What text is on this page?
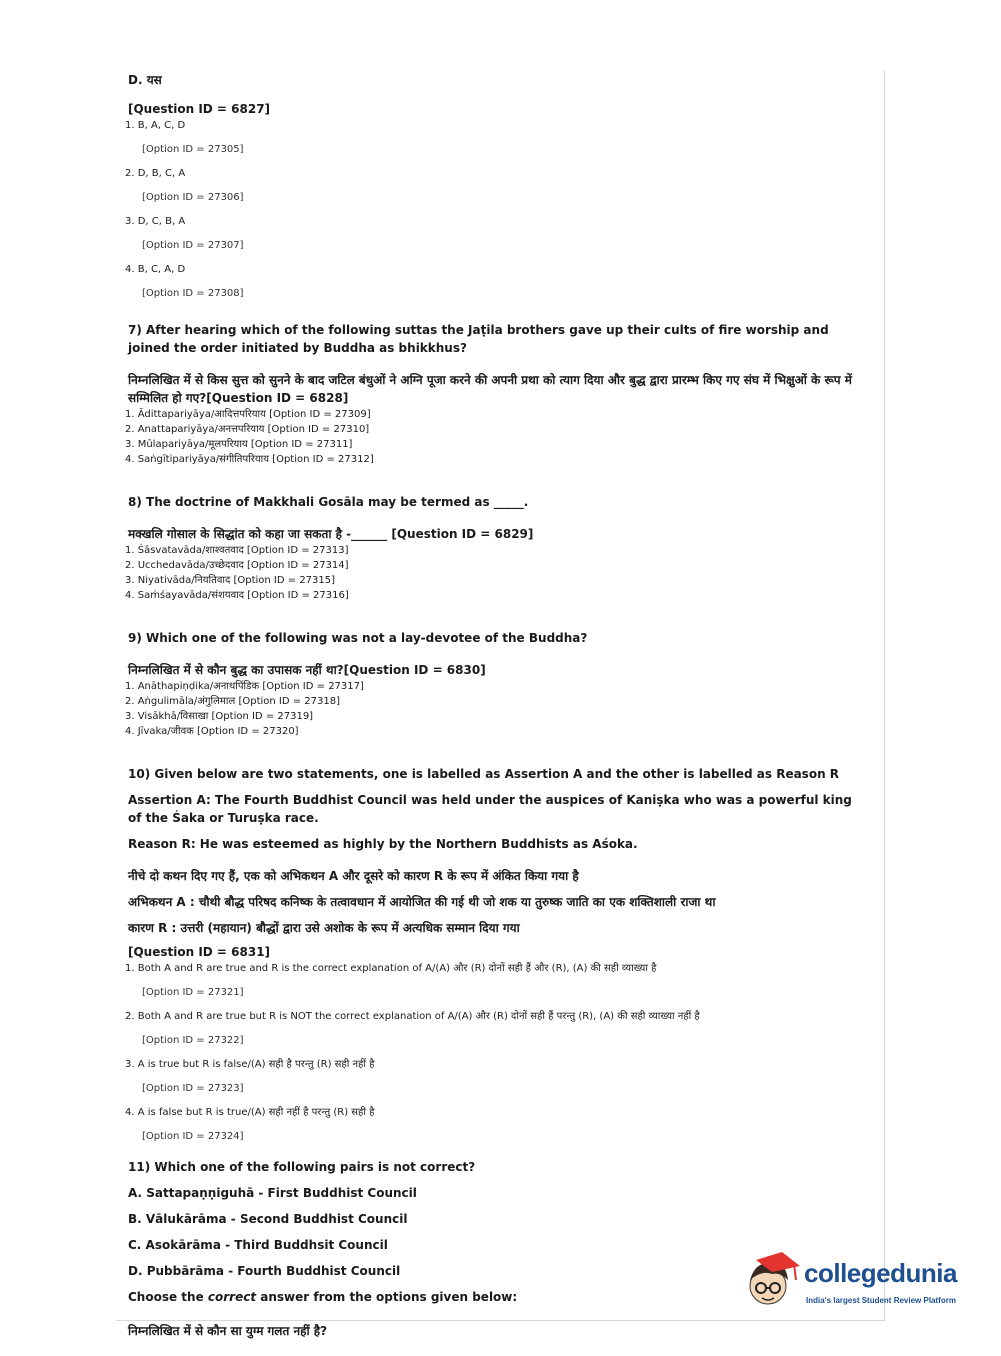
D. यस

[Question ID = 6827]

1. B, A, C, D

[Option ID = 27305]

2. D, B, C, A

[Option ID = 27306]

3. D, C, B, A

[Option ID = 27307]

4. B, C, A, D

[Option ID = 27308]

7) After hearing which of the following suttas the Jaṭila brothers gave up their cults of fire worship and joined the order initiated by Buddha as bhikkhus?

निम्नलिखित में से किस सुत्त को सुनने के बाद जटिल बंधुओं ने अग्नि पूजा करने की अपनी प्रथा को त्याग दिया और बुद्ध द्वारा प्रारम्भ किए गए संघ में भिक्षुओं के रूप में सम्मिलित हो गए?[Question ID = 6828]

1. Ādittapariyāya/आदित्तपरियाय [Option ID = 27309]
2. Anattapariyāya/अनत्तपरियाय [Option ID = 27310]
3. Mūlapariyāya/मूलपरियाय [Option ID = 27311]
4. Saṅgītipariyāya/संगीतिपरियाय [Option ID = 27312]

8) The doctrine of Makkhali Gosāla may be termed as _____.

मक्खलि गोसाल के सिद्धांत को कहा जा सकता है -______ [Question ID = 6829]

1. Śāsvatavāda/शाश्वतवाद [Option ID = 27313]
2. Ucchedavāda/उच्छेदवाद [Option ID = 27314]
3. Niyativāda/नियतिवाद [Option ID = 27315]
4. Saṁśayavāda/संशयवाद [Option ID = 27316]

9) Which one of the following was not a lay-devotee of the Buddha?

निम्नलिखित में से कौन बुद्ध का उपासक नहीं था?[Question ID = 6830]

1. Anāthapiṇḍika/अनाथपिंडिक [Option ID = 27317]
2. Aṅgulimāla/अंगुलिमाल [Option ID = 27318]
3. Visākhā/विसाखा [Option ID = 27319]
4. Jīvaka/जीवक [Option ID = 27320]

10) Given below are two statements, one is labelled as Assertion A and the other is labelled as Reason R

Assertion A: The Fourth Buddhist Council was held under the auspices of Kaniṣka who was a powerful king of the Śaka or Turuṣka race.

Reason R: He was esteemed as highly by the Northern Buddhists as Aśoka.

नीचे दो कथन दिए गए हैं, एक को अभिकथन A और दूसरे को कारण R के रूप में अंकित किया गया है

अभिकथन A : चौथी बौद्ध परिषद कनिष्क के तत्वावधान में आयोजित की गई थी जो शक या तुरुष्क जाति का एक शक्तिशाली राजा था

कारण R : उत्तरी (महायान) बौद्धों द्वारा उसे अशोक के रूप में अत्यधिक सम्मान दिया गया

[Question ID = 6831]

1. Both A and R are true and R is the correct explanation of A/(A) और (R) दोनों सही हैं और (R), (A) की सही व्याख्या है

[Option ID = 27321]

2. Both A and R are true but R is NOT the correct explanation of A/(A) और (R) दोनों सही हैं परन्तु (R), (A) की सही व्याख्या नहीं है

[Option ID = 27322]

3. A is true but R is false/(A) सही है परन्तु (R) सही नहीं है

[Option ID = 27323]

4. A is false but R is true/(A) सही नहीं है परन्तु (R) सही है

[Option ID = 27324]

11) Which one of the following pairs is not correct?

A. Sattapaṇṇiguhā - First Buddhist Council

B. Vālukārāma - Second Buddhist Council

C. Asokārāma - Third Buddhsit Council

D. Pubbārāma - Fourth Buddhist Council

Choose the correct answer from the options given below:

निम्नलिखित में से कौन सा युग्म गलत नहीं है?

collegedunia
India's largest Student Review Platform
